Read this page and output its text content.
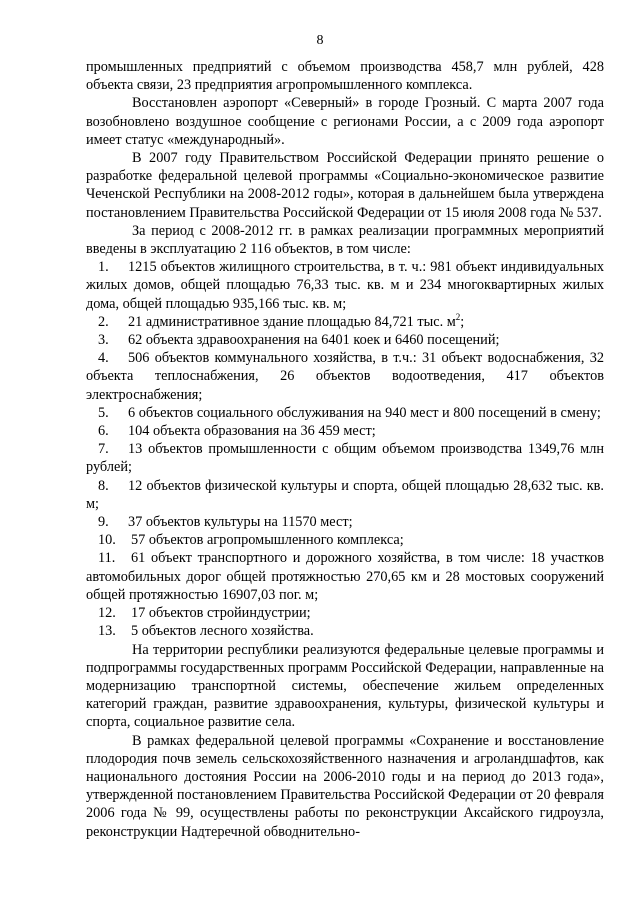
8

промышленных предприятий с объемом производства 458,7 млн рублей, 428 объекта связи, 23 предприятия агропромышленного комплекса.

Восстановлен аэропорт «Северный» в городе Грозный. С марта 2007 года возобновлено воздушное сообщение с регионами России, а с 2009 года аэропорт имеет статус «международный».

В 2007 году Правительством Российской Федерации принято решение о разработке федеральной целевой программы «Социально-экономическое развитие Чеченской Республики на 2008-2012 годы», которая в дальнейшем была утверждена постановлением Правительства Российской Федерации от 15 июля 2008 года № 537.

За период с 2008-2012 гг. в рамках реализации программных мероприятий введены в эксплуатацию 2 116 объектов, в том числе:

1. 1215 объектов жилищного строительства, в т. ч.: 981 объект индивидуальных жилых домов, общей площадью 76,33 тыс. кв. м и 234 многоквартирных жилых дома, общей площадью 935,166 тыс. кв. м;

2. 21 административное здание площадью 84,721 тыс. $м^2$;

3. 62 объекта здравоохранения на 6401 коек и 6460 посещений;

4. 506 объектов коммунального хозяйства, в т.ч.: 31 объект водоснабжения, 32 объекта теплоснабжения, 26 объектов водоотведения, 417 объектов электроснабжения;

5. 6 объектов социального обслуживания на 940 мест и 800 посещений в смену;

6. 104 объекта образования на 36 459 мест;

7. 13 объектов промышленности с общим объемом производства 1349,76 млн рублей;

8. 12 объектов физической культуры и спорта, общей площадью 28,632 тыс. кв. м;

9. 37 объектов культуры на 11570 мест;

10. 57 объектов агропромышленного комплекса;

11. 61 объект транспортного и дорожного хозяйства, в том числе: 18 участков автомобильных дорог общей протяжностью 270,65 км и 28 мостовых сооружений общей протяжностью 16907,03 пог. м;

12. 17 объектов стройиндустрии;

13. 5 объектов лесного хозяйства.

На территории республики реализуются федеральные целевые программы и подпрограммы государственных программ Российской Федерации, направленные на модернизацию транспортной системы, обеспечение жильем определенных категорий граждан, развитие здравоохранения, культуры, физической культуры и спорта, социальное развитие села.

В рамках федеральной целевой программы «Сохранение и восстановление плодородия почв земель сельскохозяйственного назначения и агроландшафтов, как национального достояния России на 2006-2010 годы и на период до 2013 года», утвержденной постановлением Правительства Российской Федерации от 20 февраля 2006 года № 99, осуществлены работы по реконструкции Аксайского гидроузла, реконструкции Надтеречной обводнительно-
